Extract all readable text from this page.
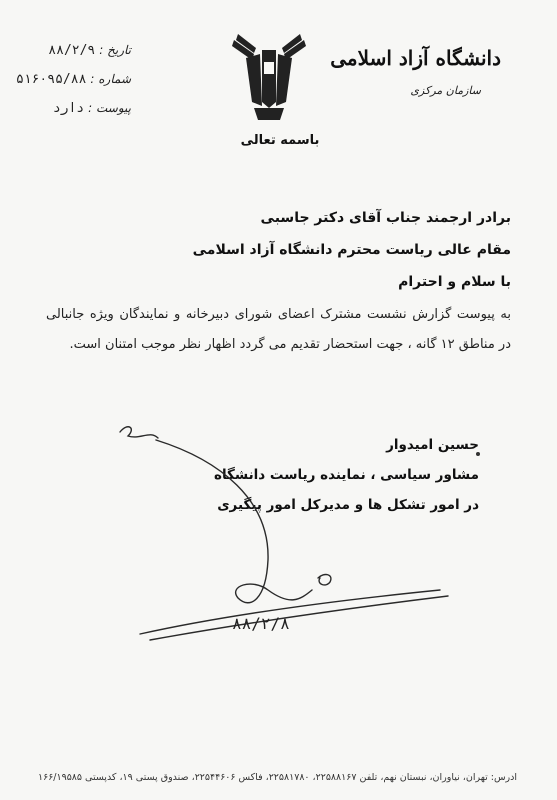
تاریخ :
۸۸/۲/۹
شماره :
۵۱۶۰۹۵/۸۸
پیوست :
دارد
باسمه تعالی
دانشگاه آزاد اسلامی
سازمان مرکزی
برادر ارجمند جناب آقای دکتر جاسبی
مقام عالی ریاست محترم دانشگاه آزاد اسلامی
با سلام و احترام
به پیوست گزارش نشست مشترک اعضای شورای دبیرخانه و نمایندگان ویژه جانبالی در مناطق ۱۲ گانه ، جهت استحضار تقدیم می گردد اظهار نظر موجب امتنان است.
حسین امیدوار
مشاور سیاسی ، نماینده ریاست دانشگاه
در امور تشکل ها و مدیرکل امور پیگیری
۸۸/۲/۸
آدرس: تهران، نیاوران، نبستان نهم، تلفن ۲۲۵۸۸۱۶۷، ۲۲۵۸۱۷۸۰، فاکس ۲۲۵۴۴۶۰۶، صندوق پستی ۱۹، کدپستی ۱۶۶/۱۹۵۸۵
